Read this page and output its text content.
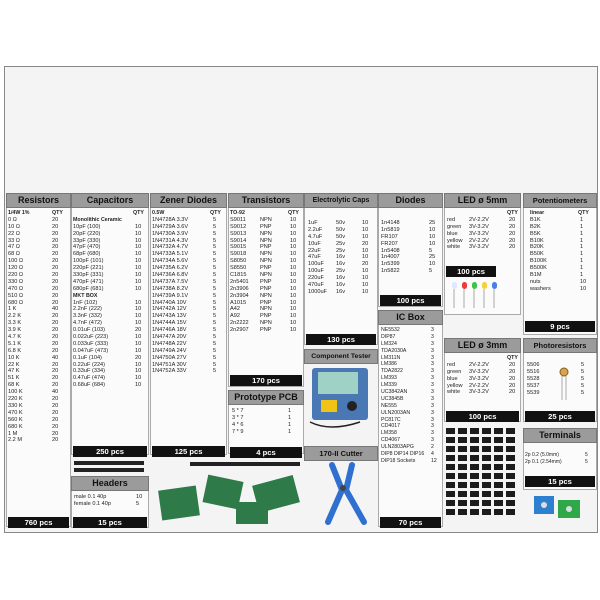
Resistors
1/4W 1%	QTY
0 Ω	20
10 Ω	20
22 Ω	20
33 Ω	20
47 Ω	20
68 Ω	20
100 Ω	20
120 Ω	20
220 Ω	20
330 Ω	20
470 Ω	20
510 Ω	20
680 Ω	20
1 K	40
2.2 K	20
3.3 K	20
3.9 K	20
4.7 K	20
5.1 K	20
6.8 K	20
10 K	40
22 K	20
47 K	20
51 K	20
68 K	20
100 K	40
220 K	20
330 K	20
470 K	20
560 K	20
680 K	20
1 M	20
2.2 M	20
760 pcs
Capacitors
QTY
Monolithic Ceramic
10pF (100)	10
20pF (220)	10
33pF (330)	10
47pF (470)	10
68pF (680)	10
100pF (101)	10
220pF (221)	10
330pF (331)	10
470pF (471)	10
680pF (681)	10
MKT BOX
1nF (102)	10
2.2nF (222)	10
3.3nF (332)	10
4.7nF (472)	10
0.01uF (103)	20
0.022uF (223)	10
0.033uF (333)	10
0.047uF (473)	10
0.1uF (104)	20
0.22uF (224)	10
0.33uF (334)	10
0.47uF (474)	10
0.68uF (684)	10
250 pcs
Zener Diodes
0.5W	QTY
1N4728A 3.3V	5
1N4729A 3.6V	5
1N4730A 3.9V	5
1N4731A 4.3V	5
1N4732A 4.7V	5
1N4733A 5.1V	5
1N4734A 5.6V	5
1N4735A 6.2V	5
1N4736A 6.8V	5
1N4737A 7.5V	5
1N4738A 8.2V	5
1N4739A 9.1V	5
1N4740A 10V	5
1N4742A 12V	5
1N4743A 13V	5
1N4744A 15V	5
1N4746A 18V	5
1N4747A 20V	5
1N4748A 22V	5
1N4749A 24V	5
1N4750A 27V	5
1N4751A 30V	5
1N4752A 33V	5
125 pcs
Transistors
TO-92	QTY
S9011	NPN	10
S9012 PNP	10
S9013 NPN	10
S9014 NPN	10
S9015 PNP	10
S9018 NPN	10
S8050 NPN	10
S8550 PNP	10
C1815 NPN	10
2n5401 PNP	10
2n3906 PNP	10
2n3904 NPN	10
A1015 PNP	10
A42	NPN	10
A92	PNP	10
2n2222 NPN	10
2n2907 PNP	10
170 pcs
Prototype PCB
5 * 7	1
3 * 7	1
4 * 6	1
7 * 9	1
4 pcs
Electrolytic Caps
1uF	50v	10
2.2uF 50v	10
4.7uF 50v	10
10uF	25v	20
22uF	25v	10
47uF	16v	10
100uF 16v	20
100uF 25v	10
220uF 16v	10
470uF 16v	10
1000uF 16v	10
130 pcs
Component Tester
170-II Cutter
Diodes
1n4148	25
1n5819	10
FR107	10
FR207	10
1n5408	5
1n4007	25
1n5399	10
1n5822	5
100 pcs
IC Box
NE5532	3
DIP87	3
LM324	3
TDA2030A	3
LM311N	3
LM386	3
TDA2822	3
LM393	3
LM339	3
UC3842AN	3
UC3845B	3
NE555	3
ULN2003AN	3
PC817C	3
CD4017	3
LM358	3
CD4067	3
ULN2803APG	2
DIP8 DIP14 DIP16 4
DIP18 Sockets	12
70 pcs
LED ø 5mm
QTY
red 2V-2.2V	20
green 3V-3.2V	20
blue 3V-3.2V	20
yellow 2V-2.2V	20
white 3V-3.2V	20
100 pcs
LED ø 3mm
QTY
red 2V-2.2V	20
green 3V-3.2V	20
blue 3V-3.2V	20
yellow 2V-2.2V	20
white 3V-3.2V	20
100 pcs
Potentiometers
linear	QTY
B1K	1
B2K	1
B5K	1
B10K	1
B20K	1
B50K	1
B100K	1
B500K	1
B1M	1
nuts	10
washers	10
9 pcs
Photoresistors
5506	5
5516	5
5528	5
5537	5
5539	5
25 pcs
Terminals
2p 0.2 (5.0mm)	5
2p 0.1 (2.54mm)	5
15 pcs
Headers
male 0.1 40p	10
female 0.1 40p	5
15 pcs
